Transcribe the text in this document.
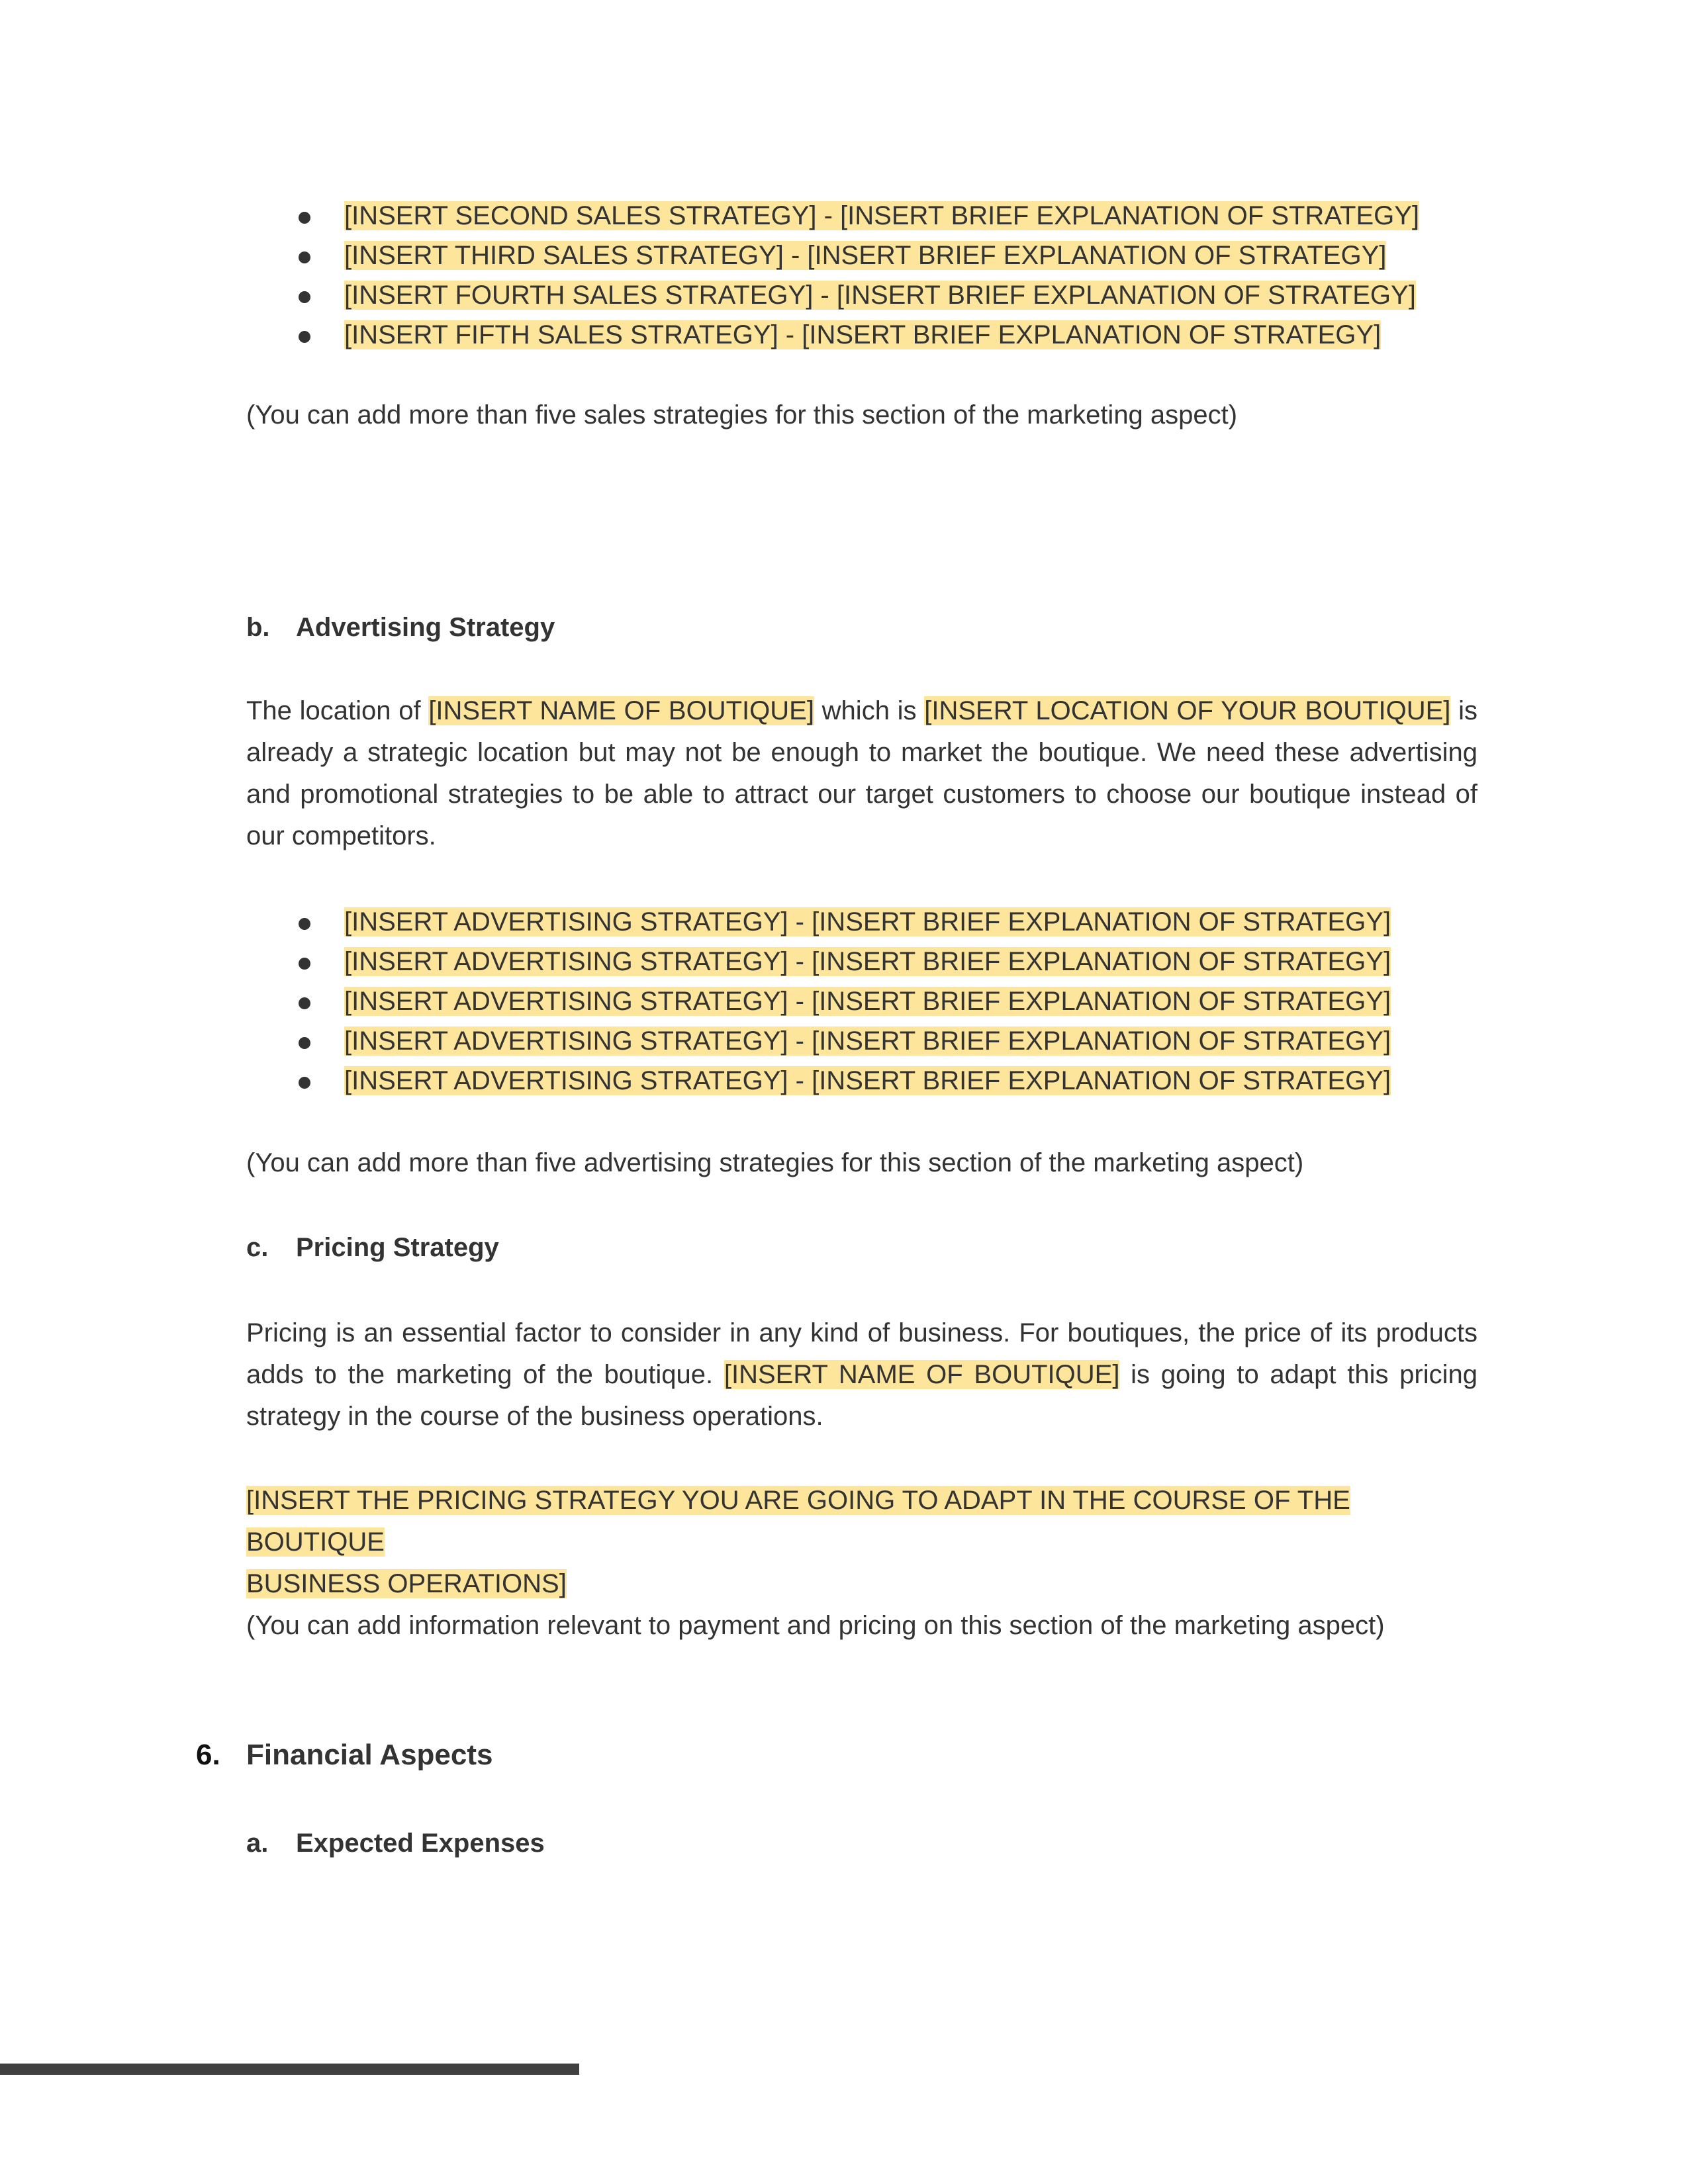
[INSERT SECOND SALES STRATEGY] - [INSERT BRIEF EXPLANATION OF STRATEGY]
[INSERT THIRD SALES STRATEGY] - [INSERT BRIEF EXPLANATION OF STRATEGY]
[INSERT FOURTH SALES STRATEGY] - [INSERT BRIEF EXPLANATION OF STRATEGY]
[INSERT FIFTH SALES STRATEGY] - [INSERT BRIEF EXPLANATION OF STRATEGY]

(You can add more than five sales strategies for this section of the marketing aspect)

b. Advertising Strategy

The location of [INSERT NAME OF BOUTIQUE] which is [INSERT LOCATION OF YOUR BOUTIQUE] is already a strategic location but may not be enough to market the boutique. We need these advertising and promotional strategies to be able to attract our target customers to choose our boutique instead of our competitors.

[INSERT ADVERTISING STRATEGY] - [INSERT BRIEF EXPLANATION OF STRATEGY]
[INSERT ADVERTISING STRATEGY] - [INSERT BRIEF EXPLANATION OF STRATEGY]
[INSERT ADVERTISING STRATEGY] - [INSERT BRIEF EXPLANATION OF STRATEGY]
[INSERT ADVERTISING STRATEGY] - [INSERT BRIEF EXPLANATION OF STRATEGY]
[INSERT ADVERTISING STRATEGY] - [INSERT BRIEF EXPLANATION OF STRATEGY]

(You can add more than five advertising strategies for this section of the marketing aspect)

c. Pricing Strategy

Pricing is an essential factor to consider in any kind of business. For boutiques, the price of its products adds to the marketing of the boutique. [INSERT NAME OF BOUTIQUE] is going to adapt this pricing strategy in the course of the business operations.

[INSERT THE PRICING STRATEGY YOU ARE GOING TO ADAPT IN THE COURSE OF THE BOUTIQUE
BUSINESS OPERATIONS]

(You can add information relevant to payment and pricing on this section of the marketing aspect)

6. Financial Aspects
a. Expected Expenses
